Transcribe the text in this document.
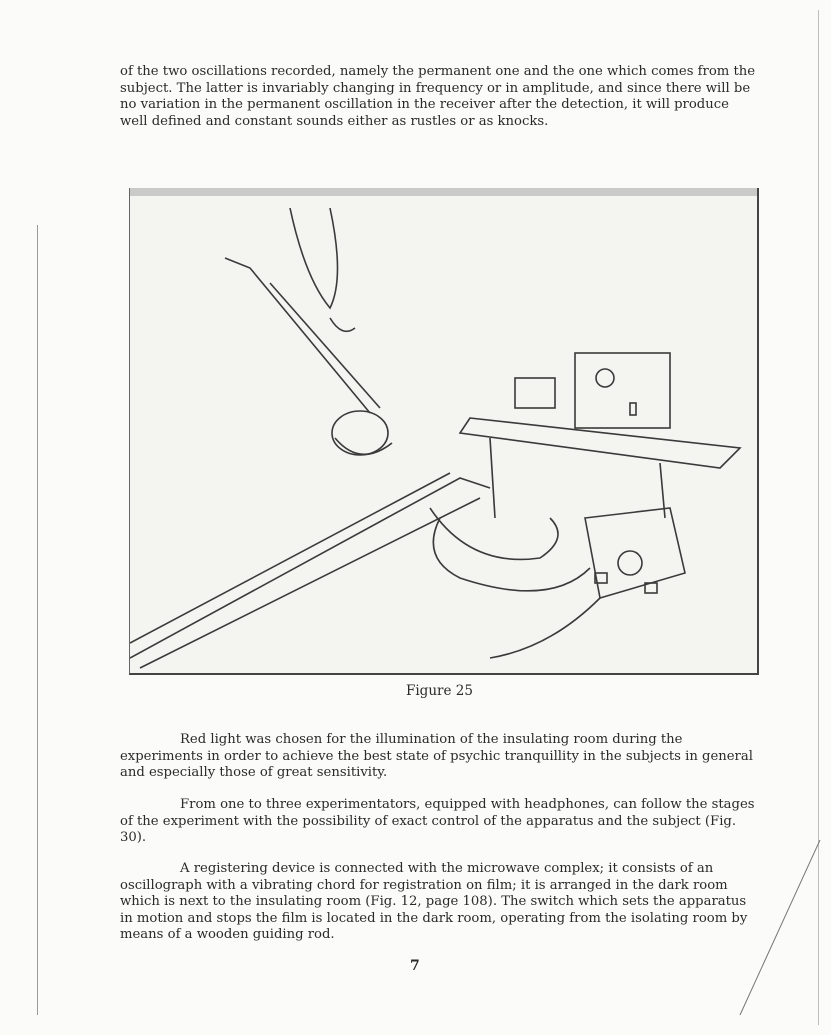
of the two oscillations recorded, namely the permanent one and the one which comes from the subject. The latter is invariably changing in frequency or in amplitude, and since there will be no variation in the permanent oscillation in the receiver after the detection, it will produce well defined and constant sounds either as rustles or as knocks.

Figure 25

Red light was chosen for the illumination of the insulating room during the experiments in order to achieve the best state of psychic tranquillity in the subjects in general and especially those of great sensitivity.

From one to three experimentators, equipped with headphones, can follow the stages of the experiment with the possibility of exact control of the apparatus and the subject (Fig. 30).

A registering device is connected with the microwave complex; it consists of an oscillograph with a vibrating chord for registration on film; it is arranged in the dark room which is next to the insulating room (Fig. 12, page 108). The switch which sets the apparatus in motion and stops the film is located in the dark room, operating from the isolating room by means of a wooden guiding rod.

7
